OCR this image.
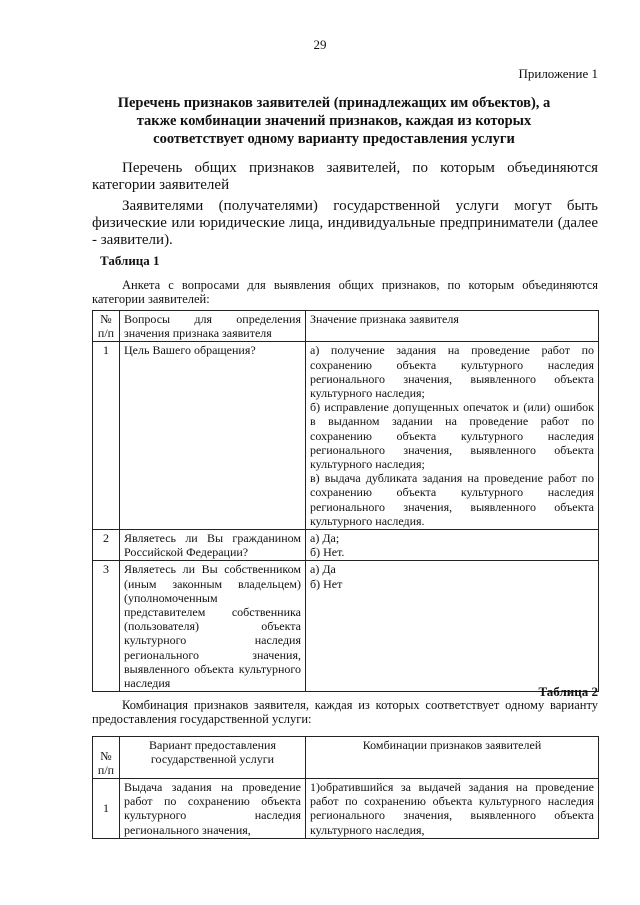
29
Приложение 1
Перечень признаков заявителей (принадлежащих им объектов), а также комбинации значений признаков, каждая из которых соответствует одному варианту предоставления услуги
Перечень общих признаков заявителей, по которым объединяются категории заявителей
Заявителями (получателями) государственной услуги могут быть физические или юридические лица, индивидуальные предприниматели (далее - заявители).
Таблица 1
Анкета с вопросами для выявления общих признаков, по которым объединяются категории заявителей:
№ п/п	Вопросы для определения значения признака заявителя	Значение признака заявителя
1	Цель Вашего обращения?	а) получение задания на проведение работ по сохранению объекта культурного наследия регионального значения, выявленного объекта культурного наследия;
б) исправление допущенных опечаток и (или) ошибок в выданном задании на проведение работ по сохранению объекта культурного наследия регионального значения, выявленного объекта культурного наследия;
в) выдача дубликата задания на проведение работ по сохранению объекта культурного наследия регионального значения, выявленного объекта культурного наследия.
2	Являетесь ли Вы гражданином Российской Федерации?	а) Да;
б) Нет.
3	Являетесь ли Вы собственником (иным законным владельцем) (уполномоченным представителем собственника (пользователя) объекта культурного наследия регионального значения, выявленного объекта культурного наследия	а) Да
б) Нет
Таблица 2
Комбинация признаков заявителя, каждая из которых соответствует одному варианту предоставления государственной услуги:
№ п/п	Вариант предоставления государственной услуги	Комбинации признаков заявителей
1	Выдача задания на проведение работ по сохранению объекта культурного наследия регионального значения,	1)обратившийся за выдачей задания на проведение работ по сохранению объекта культурного наследия регионального значения, выявленного объекта культурного наследия,
